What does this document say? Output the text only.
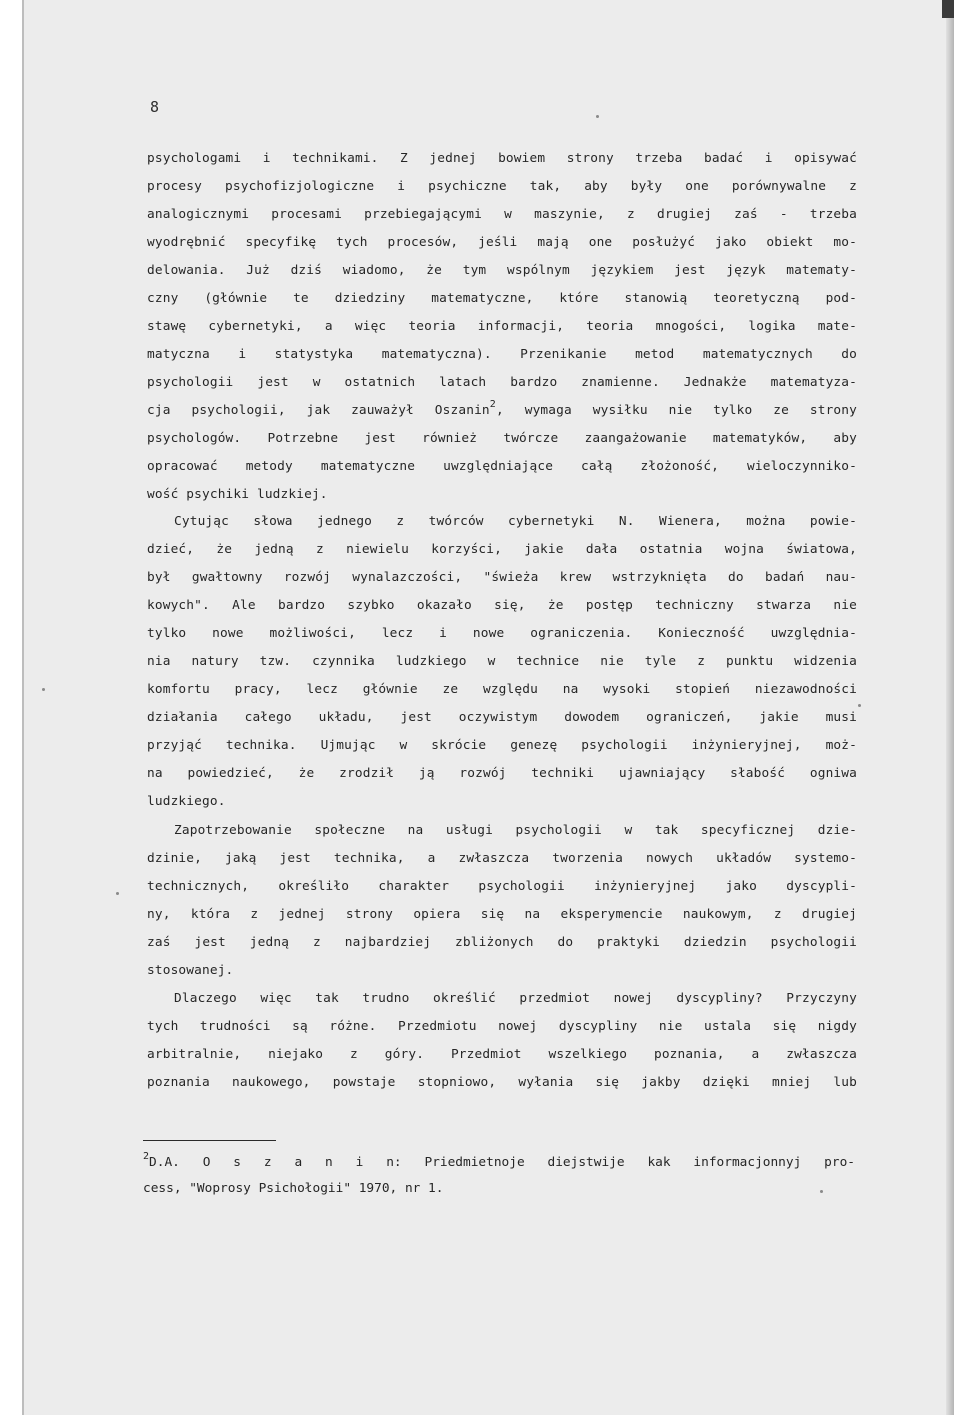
8
psychologami i technikami. Z jednej bowiem strony trzeba badać i opisywać
procesy psychofizjologiczne i psychiczne tak, aby były one porównywalne z
analogicznymi procesami przebiegającymi w maszynie, z drugiej zaś - trzeba
wyodrębnić specyfikę tych procesów, jeśli mają one posłużyć jako obiekt mo-
delowania. Już dziś wiadomo, że tym wspólnym językiem jest język matematy-
czny (głównie te dziedziny matematyczne, które stanowią teoretyczną pod-
stawę cybernetyki, a więc teoria informacji, teoria mnogości, logika mate-
matyczna i statystyka matematyczna). Przenikanie metod matematycznych do
psychologii jest w ostatnich latach bardzo znamienne. Jednakże matematyza-
cja psychologii, jak zauważył Oszanin$^2$, wymaga wysiłku nie tylko ze strony
psychologów. Potrzebne jest również twórcze zaangażowanie matematyków, aby
opracować metody matematyczne uwzględniające całą złożoność, wieloczynniko-
wość psychiki ludzkiej.
Cytując słowa jednego z twórców cybernetyki N. Wienera, można powie-
dzieć, że jedną z niewielu korzyści, jakie dała ostatnia wojna światowa,
był gwałtowny rozwój wynalazczości, "świeża krew wstrzyknięta do badań nau-
kowych". Ale bardzo szybko okazało się, że postęp techniczny stwarza nie
tylko nowe możliwości, lecz i nowe ograniczenia. Konieczność uwzględnia-
nia natury tzw. czynnika ludzkiego w technice nie tyle z punktu widzenia
komfortu pracy, lecz głównie ze względu na wysoki stopień niezawodności
działania całego układu, jest oczywistym dowodem ograniczeń, jakie musi
przyjąć technika. Ujmując w skrócie genezę psychologii inżynieryjnej, moż-
na powiedzieć, że zrodził ją rozwój techniki ujawniający słabość ogniwa
ludzkiego.
Zapotrzebowanie społeczne na usługi psychologii w tak specyficznej dzie-
dzinie, jaką jest technika, a zwłaszcza tworzenia nowych układów systemo-
technicznych, określiło charakter psychologii inżynieryjnej jako dyscypli-
ny, która z jednej strony opiera się na eksperymencie naukowym, z drugiej
zaś jest jedną z najbardziej zbliżonych do praktyki dziedzin psychologii
stosowanej.
Dlaczego więc tak trudno określić przedmiot nowej dyscypliny? Przyczyny
tych trudności są różne. Przedmiotu nowej dyscypliny nie ustala się nigdy
arbitralnie, niejako z góry. Przedmiot wszelkiego poznania, a zwłaszcza
poznania naukowego, powstaje stopniowo, wyłania się jakby dzięki mniej lub
$^2$D.A. O s z a n i n: Priedmietnoje diejstwije kak informacjonnyj pro-
cess, "Woprosy Psichołogii" 1970, nr 1.
